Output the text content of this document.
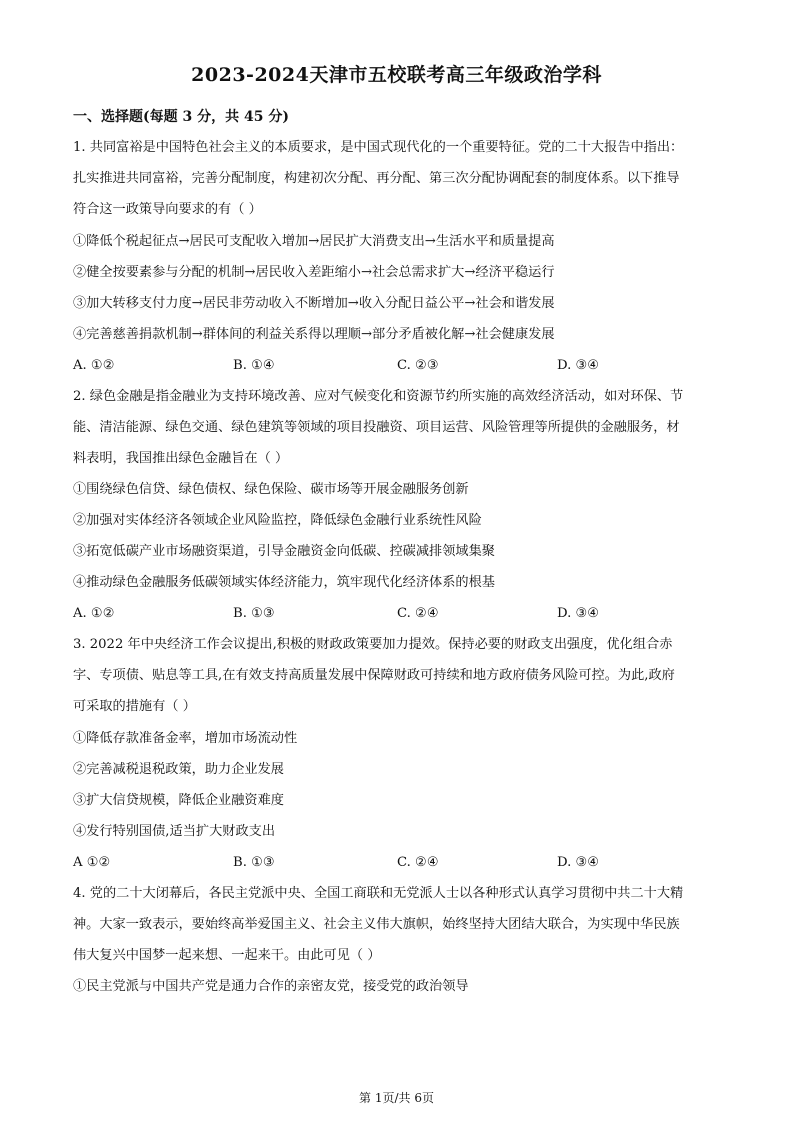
2023-2024天津市五校联考高三年级政治学科
一、选择题(每题 3 分，共 45 分)
1. 共同富裕是中国特色社会主义的本质要求，是中国式现代化的一个重要特征。党的二十大报告中指出：
扎实推进共同富裕，完善分配制度，构建初次分配、再分配、第三次分配协调配套的制度体系。以下推导
符合这一政策导向要求的有（ ）
①降低个税起征点→居民可支配收入增加→居民扩大消费支出→生活水平和质量提高
②健全按要素参与分配的机制→居民收入差距缩小→社会总需求扩大→经济平稳运行
③加大转移支付力度→居民非劳动收入不断增加→收入分配日益公平→社会和谐发展
④完善慈善捐款机制→群体间的利益关系得以理顺→部分矛盾被化解→社会健康发展
A. ①②	B. ①④	C. ②③	D. ③④
2. 绿色金融是指金融业为支持环境改善、应对气候变化和资源节约所实施的高效经济活动，如对环保、节
能、清洁能源、绿色交通、绿色建筑等领域的项目投融资、项目运营、风险管理等所提供的金融服务，材
料表明，我国推出绿色金融旨在（ ）
①围绕绿色信贷、绿色债权、绿色保险、碳市场等开展金融服务创新
②加强对实体经济各领域企业风险监控，降低绿色金融行业系统性风险
③拓宽低碳产业市场融资渠道，引导金融资金向低碳、控碳减排领域集聚
④推动绿色金融服务低碳领域实体经济能力，筑牢现代化经济体系的根基
A. ①②	B. ①③	C. ②④	D. ③④
3. 2022 年中央经济工作会议提出,积极的财政政策要加力提效。保持必要的财政支出强度，优化组合赤
字、专项债、贴息等工具,在有效支持高质量发展中保障财政可持续和地方政府债务风险可控。为此,政府
可采取的措施有（ ）
①降低存款准备金率，增加市场流动性
②完善减税退税政策，助力企业发展
③扩大信贷规模，降低企业融资难度
④发行特别国债,适当扩大财政支出
A ①②	B. ①③	C. ②④	D. ③④
4. 党的二十大闭幕后，各民主党派中央、全国工商联和无党派人士以各种形式认真学习贯彻中共二十大精
神。大家一致表示，要始终高举爱国主义、社会主义伟大旗帜，始终坚持大团结大联合，为实现中华民族
伟大复兴中国梦一起来想、一起来干。由此可见（ ）
①民主党派与中国共产党是通力合作的亲密友党，接受党的政治领导
第 1页/共 6页
